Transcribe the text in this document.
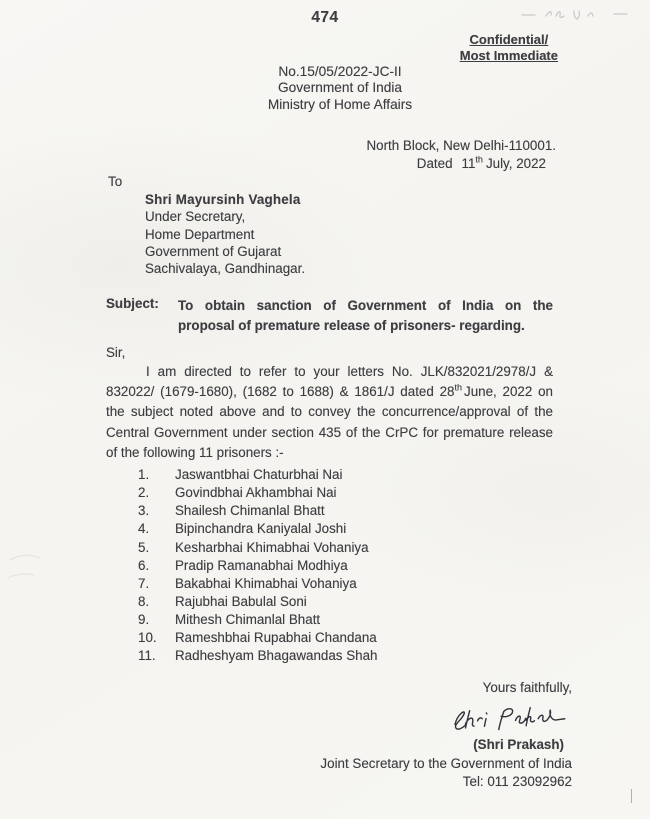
474
Confidential/
Most Immediate
No.15/05/2022-JC-II
Government of India
Ministry of Home Affairs
North Block, New Delhi-110001.
Dated 11th July, 2022
To
Shri Mayursinh Vaghela
Under Secretary,
Home Department
Government of Gujarat
Sachivalaya, Gandhinagar.
Subject:	To obtain sanction of Government of India on the
proposal of premature release of prisoners- regarding.
Sir,
I am directed to refer to your letters No. JLK/832021/2978/J &
832022/ (1679-1680), (1682 to 1688) & 1861/J dated 28th June, 2022 on
the subject noted above and to convey the concurrence/approval of the
Central Government under section 435 of the CrPC for premature release
of the following 11 prisoners :-
1.	Jaswantbhai Chaturbhai Nai
2.	Govindbhai Akhambhai Nai
3.	Shailesh Chimanlal Bhatt
4.	Bipinchandra Kaniyalal Joshi
5.	Kesharbhai Khimabhai Vohaniya
6.	Pradip Ramanabhai Modhiya
7.	Bakabhai Khimabhai Vohaniya
8.	Rajubhai Babulal Soni
9.	Mithesh Chimanlal Bhatt
10.	Rameshbhai Rupabhai Chandana
11.	Radheshyam Bhagawandas Shah
Yours faithfully,
(Shri Prakash)
Joint Secretary to the Government of India
Tel: 011 23092962
